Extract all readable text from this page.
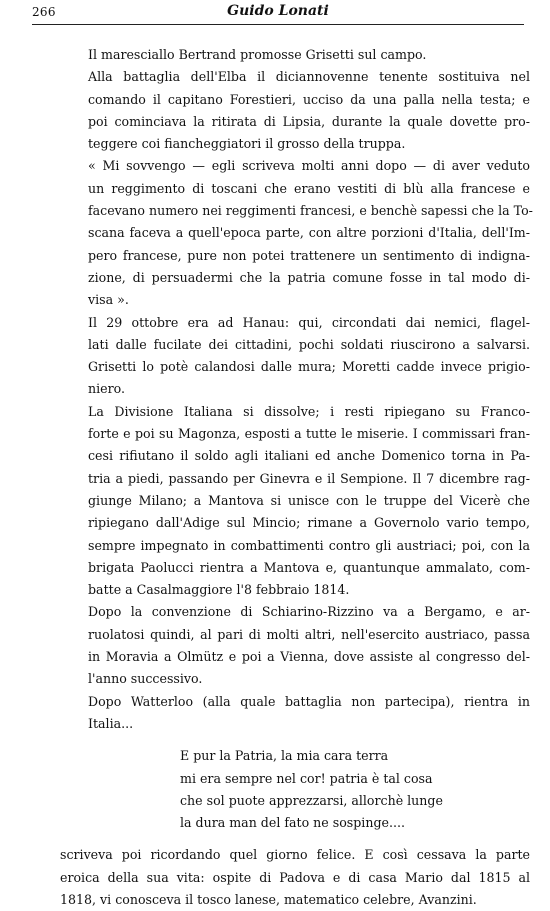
266	Guido Lonati

Il maresciallo Bertrand promosse Grisetti sul campo.

Alla battaglia dell'Elba il diciannovenne tenente sostituiva nel
comando il capitano Forestieri, ucciso da una palla nella testa; e
poi cominciava la ritirata di Lipsia, durante la quale dovette pro-
teggere coi fiancheggiatori il grosso della truppa.

« Mi sovvengo — egli scriveva molti anni dopo — di aver veduto
un reggimento di toscani che erano vestiti di blù alla francese e
facevano numero nei reggimenti francesi, e benchè sapessi che la To-
scana faceva a quell'epoca parte, con altre porzioni d'Italia, dell'Im-
pero francese, pure non potei trattenere un sentimento di indigna-
zione, di persuadermi che la patria comune fosse in tal modo di-
visa ».

Il 29 ottobre era ad Hanau: qui, circondati dai nemici, flagel-
lati dalle fucilate dei cittadini, pochi soldati riuscirono a salvarsi.
Grisetti lo potè calandosi dalle mura; Moretti cadde invece prigio-
niero.

La Divisione Italiana si dissolve; i resti ripiegano su Franco-
forte e poi su Magonza, esposti a tutte le miserie. I commissari fran-
cesi rifiutano il soldo agli italiani ed anche Domenico torna in Pa-
tria a piedi, passando per Ginevra e il Sempione. Il 7 dicembre rag-
giunge Milano; a Mantova si unisce con le truppe del Vicerè che
ripiegano dall'Adige sul Mincio; rimane a Governolo vario tempo,
sempre impegnato in combattimenti contro gli austriaci; poi, con la
brigata Paolucci rientra a Mantova e, quantunque ammalato, com-
batte a Casalmaggiore l'8 febbraio 1814.

Dopo la convenzione di Schiarino-Rizzino va a Bergamo, e ar-
ruolatosi quindi, al pari di molti altri, nell'esercito austriaco, passa
in Moravia a Olmütz e poi a Vienna, dove assiste al congresso del-
l'anno successivo.

Dopo Watterloo (alla quale battaglia non partecipa), rientra in
Italia...

E pur la Patria, la mia cara terra
mi era sempre nel cor! patria è tal cosa
che sol puote apprezzarsi, allorchè lunge
la dura man del fato ne sospinge....

scriveva poi ricordando quel giorno felice. E così cessava la parte
eroica della sua vita: ospite di Padova e di casa Mario dal 1815 al
1818, vi conosceva il tosco lanese, matematico celebre, Avanzini.
